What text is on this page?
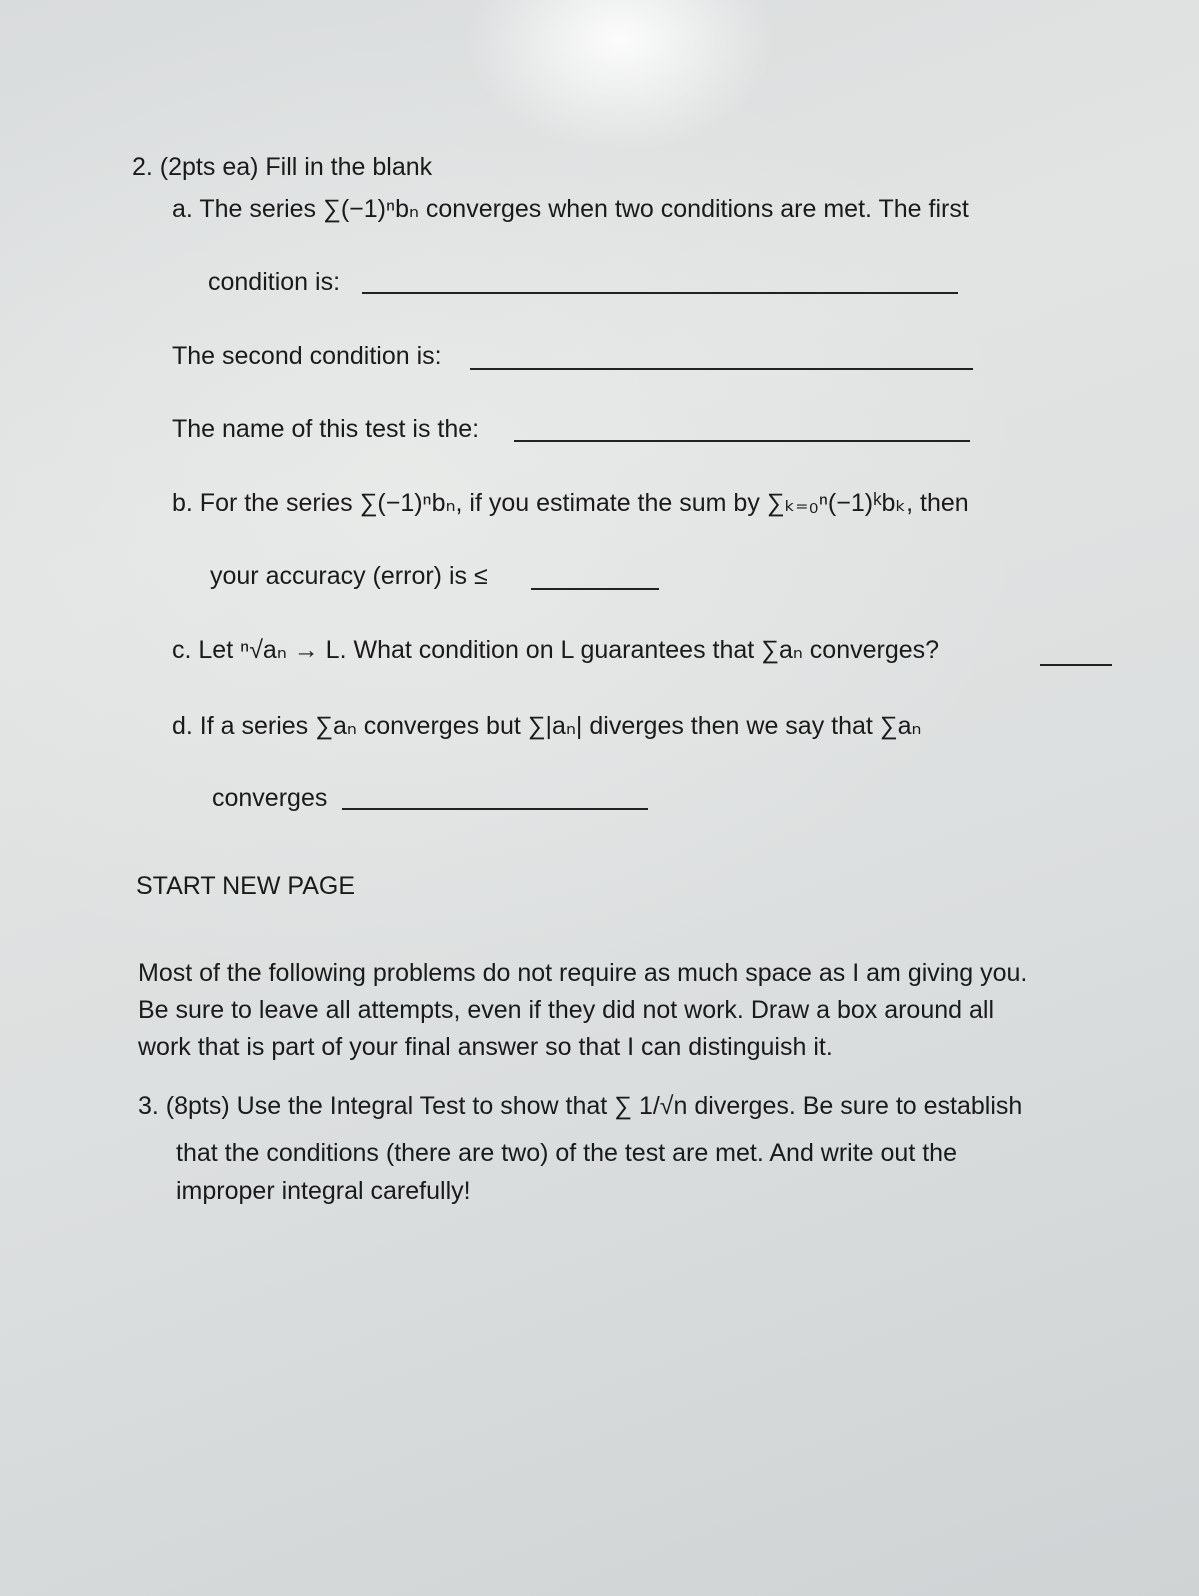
2. (2pts ea) Fill in the blank
a. The series ∑(−1)ⁿbₙ converges when two conditions are met. The first
condition is:
The second condition is:
The name of this test is the:
b. For the series ∑(−1)ⁿbₙ, if you estimate the sum by ∑ₖ₌₀ⁿ(−1)ᵏbₖ, then
your accuracy (error) is ≤
c. Let ⁿ√aₙ → L. What condition on L guarantees that ∑aₙ converges?
d. If a series ∑aₙ converges but ∑|aₙ| diverges then we say that ∑aₙ
converges
START NEW PAGE
Most of the following problems do not require as much space as I am giving you.
Be sure to leave all attempts, even if they did not work. Draw a box around all
work that is part of your final answer so that I can distinguish it.
3. (8pts) Use the Integral Test to show that ∑ 1/√n diverges. Be sure to establish
that the conditions (there are two) of the test are met. And write out the
improper integral carefully!
